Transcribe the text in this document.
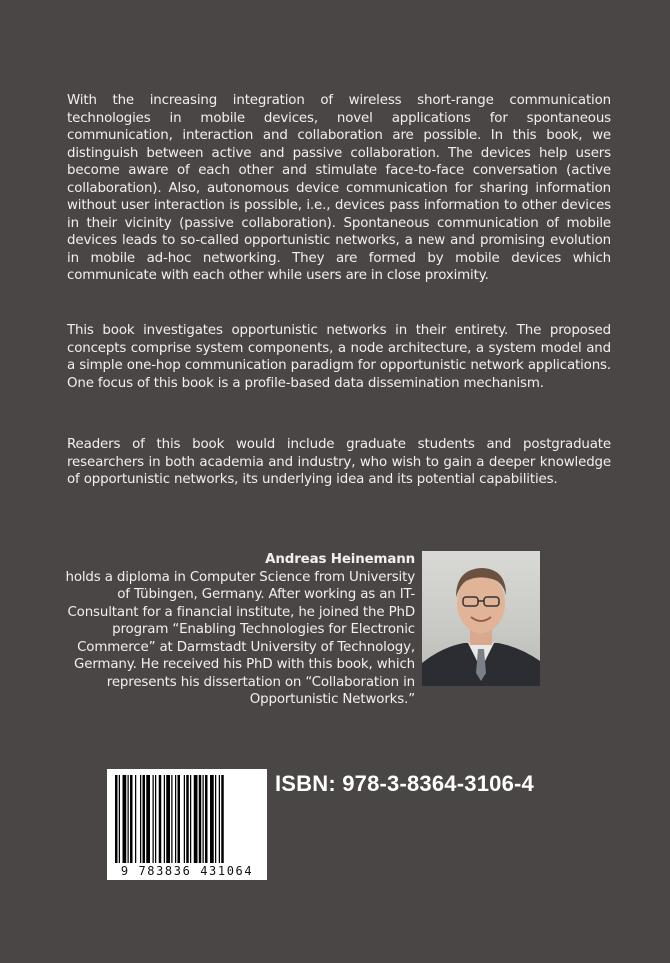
With the increasing integration of wireless short-range communication technologies in mobile devices, novel applications for spontaneous communication, interaction and collaboration are possible. In this book, we distinguish between active and passive collaboration. The devices help users become aware of each other and stimulate face-to-face conversation (active collaboration). Also, autonomous device communication for sharing information without user interaction is possible, i.e., devices pass information to other devices in their vicinity (passive collaboration). Spontaneous communication of mobile devices leads to so-called opportunistic networks, a new and promising evolution in mobile ad-hoc networking. They are formed by mobile devices which communicate with each other while users are in close proximity.

This book investigates opportunistic networks in their entirety. The proposed concepts comprise system components, a node architecture, a system model and a simple one-hop communication paradigm for opportunistic network applications. One focus of this book is a profile-based data dissemination mechanism.

Readers of this book would include graduate students and postgraduate researchers in both academia and industry, who wish to gain a deeper knowledge of opportunistic networks, its underlying idea and its potential capabilities.

Andreas Heinemann
holds a diploma in Computer Science from University of Tübingen, Germany. After working as an IT-Consultant for a financial institute, he joined the PhD program “Enabling Technologies for Electronic Commerce” at Darmstadt University of Technology, Germany. He received his PhD with this book, which represents his dissertation on “Collaboration in Opportunistic Networks.”
9 783836 431064
ISBN: 978-3-8364-3106-4
